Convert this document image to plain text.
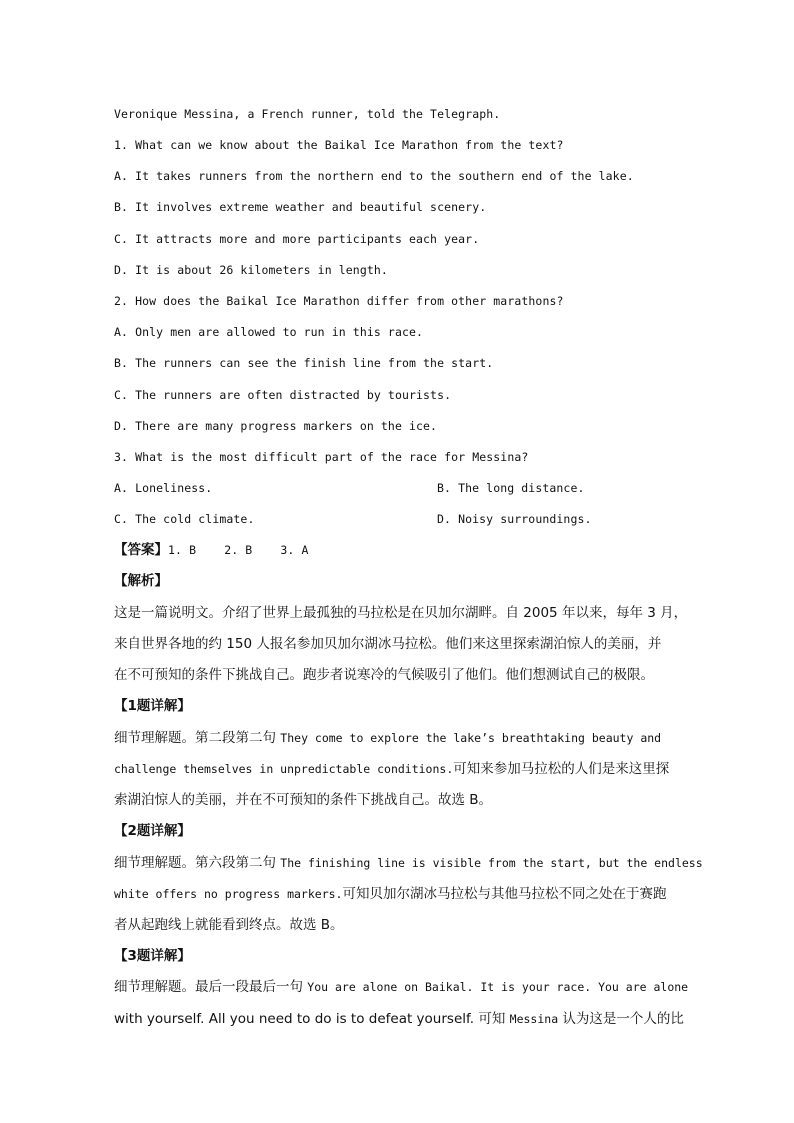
Veronique Messina, a French runner, told the Telegraph.
1. What can we know about the Baikal Ice Marathon from the text?
A. It takes runners from the northern end to the southern end of the lake.
B. It involves extreme weather and beautiful scenery.
C. It attracts more and more participants each year.
D. It is about 26 kilometers in length.
2. How does the Baikal Ice Marathon differ from other marathons?
A. Only men are allowed to run in this race.
B. The runners can see the finish line from the start.
C. The runners are often distracted by tourists.
D. There are many progress markers on the ice.
3. What is the most difficult part of the race for Messina?
A. Loneliness.	B. The long distance.
C. The cold climate.	D. Noisy surroundings.
【答案】1. B    2. B    3. A
【解析】
这是一篇说明文。介绍了世界上最孤独的马拉松是在贝加尔湖畔。自 2005 年以来，每年 3 月，
来自世界各地的约 150 人报名参加贝加尔湖冰马拉松。他们来这里探索湖泊惊人的美丽，并
在不可预知的条件下挑战自己。跑步者说寒冷的气候吸引了他们。他们想测试自己的极限。
【1题详解】
细节理解题。第二段第二句 They come to explore the lake’s breathtaking beauty and
challenge themselves in unpredictable conditions.可知来参加马拉松的人们是来这里探
索湖泊惊人的美丽，并在不可预知的条件下挑战自己。故选 B。
【2题详解】
细节理解题。第六段第二句 The finishing line is visible from the start, but the endless
white offers no progress markers.可知贝加尔湖冰马拉松与其他马拉松不同之处在于赛跑
者从起跑线上就能看到终点。故选 B。
【3题详解】
细节理解题。最后一段最后一句 You are alone on Baikal. It is your race. You are alone
with yourself. All you need to do is to defeat yourself. 可知 Messina 认为这是一个人的比
